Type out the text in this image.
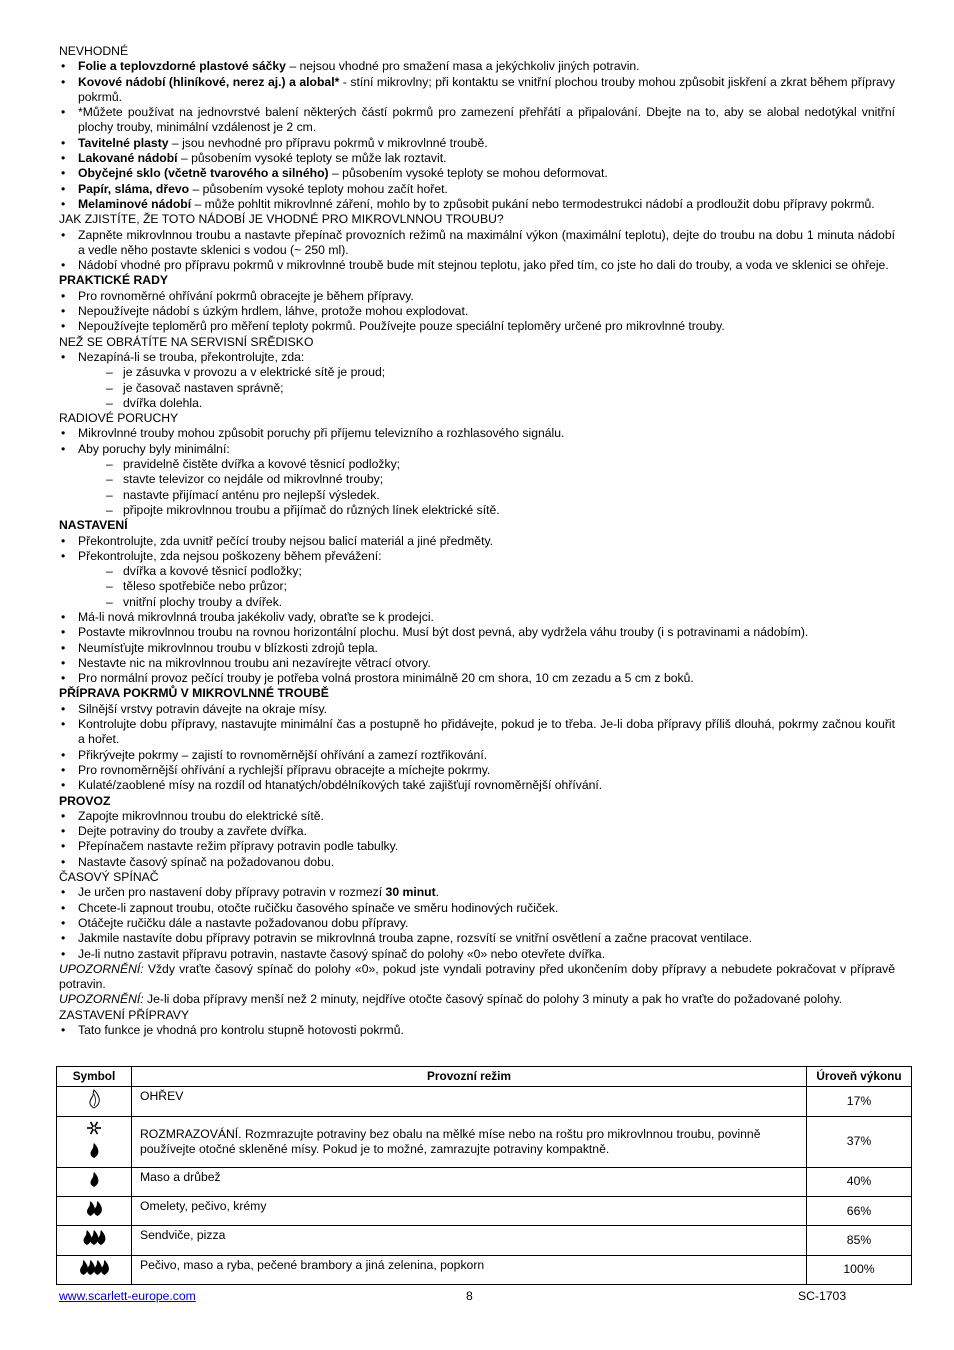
NEVHODNÉ
• Folie a teplovzdorné plastové sáčky – nejsou vhodné pro smažení masa a jekýchkoliv jiných potravin.
• Kovové nádobí (hliníkové, nerez aj.) a alobal* - stíní mikrovlny; při kontaktu se vnitřní plochou trouby mohou způsobit jiskření a zkrat během přípravy pokrmů.
• *Můžete používat na jednovrstvé balení některých částí pokrmů pro zamezení přehřátí a připalování. Dbejte na to, aby se alobal nedotýkal vnitřní plochy trouby, minimální vzdálenost je 2 cm.
• Tavitelné plasty – jsou nevhodné pro přípravu pokrmů v mikrovlnné troubě.
• Lakované nádobí – působením vysoké teploty se může lak roztavit.
• Obyčejné sklo (včetně tvarového a silného) – působením vysoké teploty se mohou deformovat.
• Papír, sláma, dřevo – působením vysoké teploty mohou začít hořet.
• Melaminové nádobí – může pohltit mikrovlnné záření, mohlo by to způsobit pukání nebo termodestrukci nádobí a prodloužit dobu přípravy pokrmů.
JAK ZJISTÍTE, ŽE TOTO NÁDOBÍ JE VHODNÉ PRO MIKROVLNNOU TROUBU?
• Zapněte mikrovlnnou troubu a nastavte přepínač provozních režimů na maximální výkon (maximální teplotu), dejte do troubu na dobu 1 minuta nádobí a vedle něho postavte sklenici s vodou (~ 250 ml).
• Nádobí vhodné pro přípravu pokrmů v mikrovlnné troubě bude mít stejnou teplotu, jako před tím, co jste ho dali do trouby, a voda ve sklenici se ohřeje.
PRAKTICKÉ RADY
• Pro rovnoměrné ohřívání pokrmů obracejte je během přípravy.
• Nepoužívejte nádobí s úzkým hrdlem, láhve, protože mohou explodovat.
• Nepoužívejte teploměrů pro měření teploty pokrmů. Používejte pouze speciální teploměry určené pro mikrovlnné trouby.
NEŽ SE OBRÁTÍTE NA SERVISNÍ SRĚDISKO
• Nezapíná-li se trouba, překontrolujte, zda:
– je zásuvka v provozu a v elektrické sítě je proud;
– je časovač nastaven správně;
– dvířka dolehla.
RADIOVÉ PORUCHY
• Mikrovlnné trouby mohou způsobit poruchy při příjemu televizního a rozhlasového signálu.
• Aby poruchy byly minimální:
– pravidelně čistěte dvířka a kovové těsnicí podložky;
– stavte televizor co nejdále od mikrovlnné trouby;
– nastavte přijímací anténu pro nejlepší výsledek.
– připojte mikrovlnnou troubu a přijímač do různých línek elektrické sítě.
NASTAVENÍ
• Překontrolujte, zda uvnitř pečící trouby nejsou balicí materiál a jiné předměty.
• Překontrolujte, zda nejsou poškozeny během převážení:
– dvířka a kovové těsnicí podložky;
– těleso spotřebiče nebo průzor;
– vnitřní plochy trouby a dvířek.
• Má-li nová mikrovlnná trouba jakékoliv vady, obraťte se k prodejci.
• Postavte mikrovlnnou troubu na rovnou horizontální plochu. Musí být dost pevná, aby vydržela váhu trouby (i s potravinami a nádobím).
• Neumísťujte mikrovlnnou troubu v blízkosti zdrojů tepla.
• Nestavte nic na mikrovlnnou troubu ani nezavírejte větrací otvory.
• Pro normální provoz pečící trouby je potřeba volná prostora minimálně 20 cm shora, 10 cm zezadu a 5 cm z boků.
PŘÍPRAVA POKRMŮ V MIKROVLNNÉ TROUBĚ
• Silnější vrstvy potravin dávejte na okraje mísy.
• Kontrolujte dobu přípravy, nastavujte minimální čas a postupně ho přidávejte, pokud je to třeba. Je-li doba přípravy příliš dlouhá, pokrmy začnou kouřit a hořet.
• Přikrývejte pokrmy – zajistí to rovnoměrnější ohřívání a zamezí roztřikování.
• Pro rovnoměrnější ohřívání a rychlejší přípravu obracejte a míchejte pokrmy.
• Kulaté/zaoblené mísy na rozdíl od htanatých/obdélníkových také zajišťují rovnoměrnější ohřívání.
PROVOZ
• Zapojte mikrovlnnou troubu do elektrické sítě.
• Dejte potraviny do trouby a zavřete dvířka.
• Přepínačem nastavte režim přípravy potravin podle tabulky.
• Nastavte časový spínač na požadovanou dobu.
ČASOVÝ SPÍNAČ
• Je určen pro nastavení doby přípravy potravin v rozmezí 30 minut.
• Chcete-li zapnout troubu, otočte ručičku časového spínače ve směru hodinových ručiček.
• Otáčejte ručičku dále a nastavte požadovanou dobu přípravy.
• Jakmile nastavíte dobu přípravy potravin se mikrovlnná trouba zapne, rozsvítí se vnitřní osvětlení a začne pracovat ventilace.
• Je-li nutno zastavit přípravu potravin, nastavte časový spínač do polohy «0» nebo otevřete dvířka.

UPOZORNĚNÍ: Vždy vraťte časový spínač do polohy «0», pokud jste vyndali potraviny před ukončením doby přípravy a nebudete pokračovat v přípravě potravin.

UPOZORNĚNÍ: Je-li doba přípravy menší než 2 minuty, nejdříve otočte časový spínač do polohy 3 minuty a pak ho vraťte do požadované polohy.

ZASTAVENÍ PŘÍPRAVY
• Tato funkce je vhodná pro kontrolu stupně hotovosti pokrmů.
Symbol	Provozní režim	Úroveň výkonu
	OHŘEV	17%
	ROZMRAZOVÁNÍ. Rozmrazujte potraviny bez obalu na mělké míse nebo na roštu pro mikrovlnnou troubu, povinně používejte otočné skleněné mísy. Pokud je to možné, zamrazujte potraviny kompaktně.	37%
	Maso a drůbež	40%
	Omelety, pečivo, krémy	66%
	Sendviče, pizza	85%
	Pečivo, maso a ryba, pečené brambory a jiná zelenina, popkorn	100%
www.scarlett-europe.com	8	SC-1703
